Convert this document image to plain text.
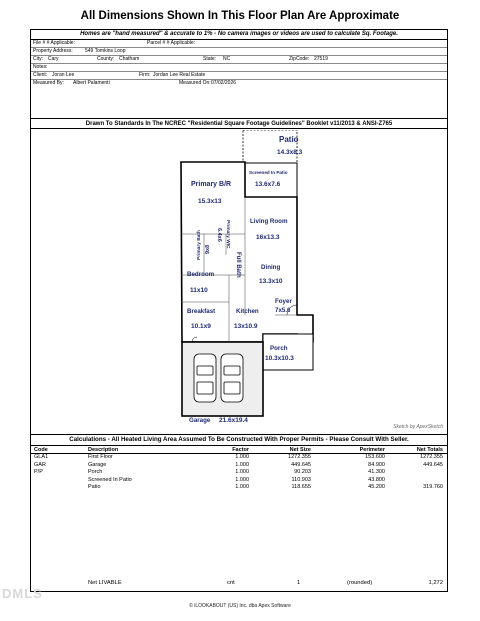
All Dimensions Shown In This Floor Plan Are Approximate
Homes are "hand measured" & accurate to 1% - No camera images or videos are used to calculate Sq. Footage.
File # # Applicable:	Parcel # # Applicable:
Property Address: 549 Tomkins Loop
City: Cary	County: Chatham	State: NC	ZipCode: 27519
Notes:
Client: Joran Lee	Firm: Jordan Lee Real Estate
Measured By: Albert Palamenti	Measured On: 07/02/2026
Drawn To Standards In The NCREC "Residential Square Footage Guidelines" Booklet v11/2013 & ANSI-Z765
Patio
14.3x8.3
Screened In Patio
13.6x7.6
Primary B/R
15.3x13
Primary Bath 9x8
Primary WIC
6.4x6
Living Room
16x13.3
Full Bath	Dining
13.3x10
Bedroom
11x10
Foyer
7x5.6
Breakfast
10.1x9
Kitchen
13x10.9
Porch
10.3x10.3
Garage 21.6x19.4
Sketch by ApexSketch
Calculations - All Heated Living Area Assumed To Be Constructed With Proper Permits - Please Consult With Seller.
Code	Description	Factor	Net Size	Perimeter	Net Totals
GLA1	First Floor	1.000	1272.355	153.600	1272.355
GAR	Garage	1.000	449.645	84.900	449.645
P/P	Porch	1.000	90.203	41.300
Screened In Patio	1.000	110.903	43.800
Patio	1.000	118.655	45.200	319.760
Net LIVABLE	cnt	1	(rounded)	1,272
DMLS
© iLOOKABOUT (US) Inc. dba Apex Software
